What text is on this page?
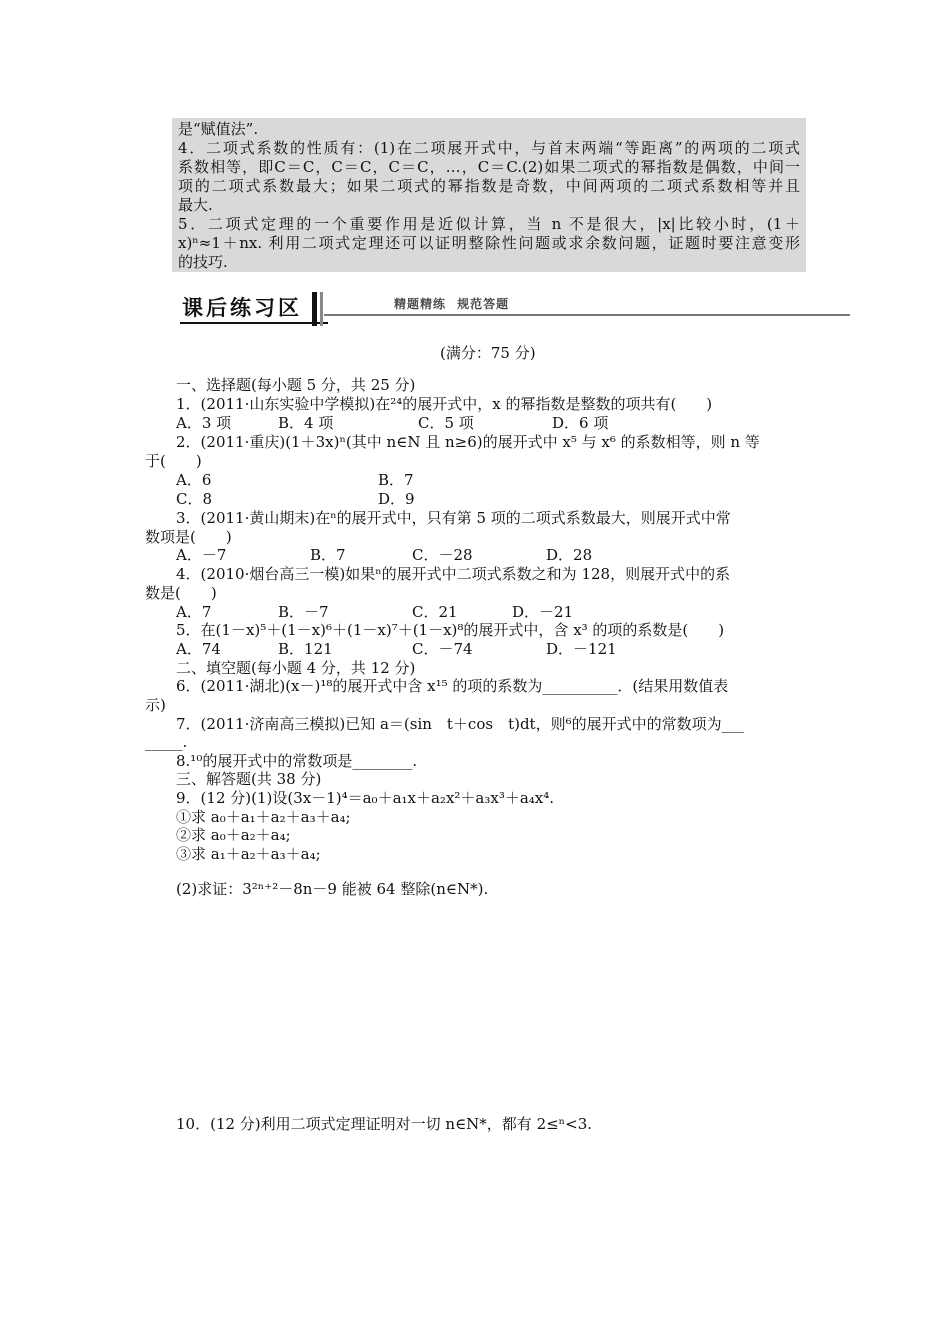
是“赋值法”.
4．二项式系数的性质有：(1)在二项展开式中，与首末两端“等距离”的两项的二项式
系数相等，即C＝C，C＝C，C＝C，…，C＝C.(2)如果二项式的幂指数是偶数，中间一
项的二项式系数最大；如果二项式的幂指数是奇数，中间两项的二项式系数相等并且
最大.
5．二项式定理的一个重要作用是近似计算，当 n 不是很大，|x|比较小时，(1＋
x)ⁿ≈1＋nx. 利用二项式定理还可以证明整除性问题或求余数问题，证题时要注意变形
的技巧.
课后练习区	精题精练 规范答题
(满分：75 分)
一、选择题(每小题 5 分，共 25 分)
1．(2011·山东实验中学模拟)在²⁴的展开式中，x 的幂指数是整数的项共有(　　)
A．3 项	B．4 项	C．5 项	D．6 项
2．(2011·重庆)(1＋3x)ⁿ(其中 n∈N 且 n≥6)的展开式中 x⁵ 与 x⁶ 的系数相等，则 n 等
于(　　)
A．6	B．7
C．8	D．9
3．(2011·黄山期末)在ⁿ的展开式中，只有第 5 项的二项式系数最大，则展开式中常
数项是(　　)
A．－7	B．7	C．－28	D．28
4．(2010·烟台高三一模)如果ⁿ的展开式中二项式系数之和为 128，则展开式中的系
数是(　　)
A．7	B．－7	C．21	D．－21
5．在(1－x)⁵＋(1－x)⁶＋(1－x)⁷＋(1－x)⁸的展开式中，含 x³ 的项的系数是(　　)
A．74	B．121	C．－74	D．－121
二、填空题(每小题 4 分，共 12 分)
6．(2011·湖北)(x－)¹⁸的展开式中含 x¹⁵ 的项的系数为__________．(结果用数值表
示)
7．(2011·济南高三模拟)已知 a＝(sin　t＋cos　t)dt，则⁶的展开式中的常数项为___
_____.
8.¹⁰的展开式中的常数项是________.
三、解答题(共 38 分)
9．(12 分)(1)设(3x－1)⁴＝a₀＋a₁x＋a₂x²＋a₃x³＋a₄x⁴.
①求 a₀＋a₁＋a₂＋a₃＋a₄;
②求 a₀＋a₂＋a₄;
③求 a₁＋a₂＋a₃＋a₄;
(2)求证：3²ⁿ⁺²－8n－9 能被 64 整除(n∈N*).
10．(12 分)利用二项式定理证明对一切 n∈N*，都有 2≤ⁿ<3.
